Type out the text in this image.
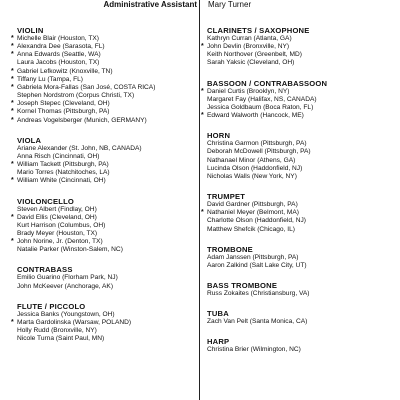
Administrative Assistant Mary Turner
VIOLIN
* Michelle Blair (Houston, TX)
* Alexandra Dee (Sarasota, FL)
* Anna Edwards (Seattle, WA)
Laura Jacobs (Houston, TX)
* Gabriel Lefkowitz (Knoxville, TN)
* Tiffany Lu (Tampa, FL)
* Gabriela Mora-Fallas (San José, COSTA RICA)
Stephen Nordstrom (Corpus Christi, TX)
* Joseph Stepec (Cleveland, OH)
* Kornel Thomas (Pittsburgh, PA)
* Andreas Vogelsberger (Munich, GERMANY)
VIOLA
Ariane Alexander (St. John, NB, CANADA)
Anna Risch (Cincinnati, OH)
* William Tackett (Pittsburgh, PA)
Mario Torres (Natchitoches, LA)
* William White (Cincinnati, OH)
VIOLONCELLO
Steven Albert (Findlay, OH)
* David Ellis (Cleveland, OH)
Kurt Harrison (Columbus, OH)
Brady Meyer (Houston, TX)
* John Norine, Jr. (Denton, TX)
Natalie Parker (Winston-Salem, NC)
CONTRABASS
Emilio Guarino (Florham Park, NJ)
John McKeever (Anchorage, AK)
FLUTE / PICCOLO
Jessica Banks (Youngstown, OH)
* Marta Gardolinska (Warsaw, POLAND)
Holly Rudd (Bronxville, NY)
Nicole Turna (Saint Paul, MN)
CLARINETS / SAXOPHONE
Kathryn Curran (Atlanta, GA)
* John Devlin (Bronxville, NY)
Keith Northover (Greenbelt, MD)
Sarah Yaksic (Cleveland, OH)
BASSOON / CONTRABASSOON
* Daniel Curtis (Brooklyn, NY)
Margaret Fay (Halifax, NS, CANADA)
Jessica Goldbaum (Boca Raton, FL)
* Edward Walworth (Hancock, ME)
HORN
Christina Garmon (Pittsburgh, PA)
Deborah McDowell (Pittsburgh, PA)
Nathanael Minor (Athens, GA)
Lucinda Olson (Haddonfield, NJ)
Nicholas Walls (New York, NY)
TRUMPET
David Gardner (Pittsburgh, PA)
* Nathaniel Meyer (Belmont, MA)
Charlotte Olson (Haddonfield, NJ)
Matthew Shefcik (Chicago, IL)
TROMBONE
Adam Janssen (Pittsburgh, PA)
Aaron Zalkind (Salt Lake City, UT)
BASS TROMBONE
Russ Zokaites (Christiansburg, VA)
TUBA
Zach Van Pelt (Santa Monica, CA)
HARP
Christina Brier (Wilmington, NC)
